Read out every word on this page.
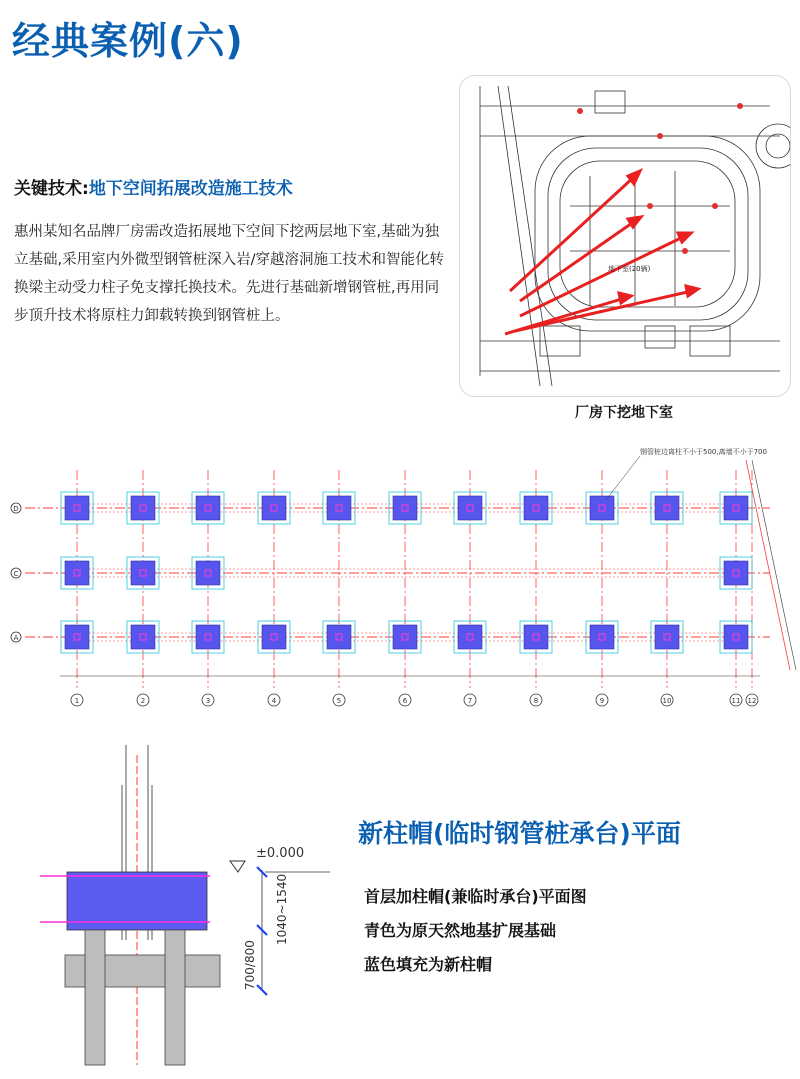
经典案例(六)
关键技术:地下空间拓展改造施工技术
惠州某知名品牌厂房需改造拓展地下空间下挖两层地下室,基础为独立基础,采用室内外微型钢管桩深入岩/穿越溶洞施工技术和智能化转换梁主动受力柱子免支撑托换技术。先进行基础新增钢管桩,再用同步顶升技术将原柱力卸载转换到钢管桩上。
地下室(20辆)
厂房下挖地下室
D
C
A
1	2	3	4	5	6	7	8	9	10	11 12
钢管桩边离柱不小于500,离墙不小于700
±0.000
1040~1540
700/800
新柱帽(临时钢管桩承台)平面
首层加柱帽(兼临时承台)平面图
青色为原天然地基扩展基础
蓝色填充为新柱帽
